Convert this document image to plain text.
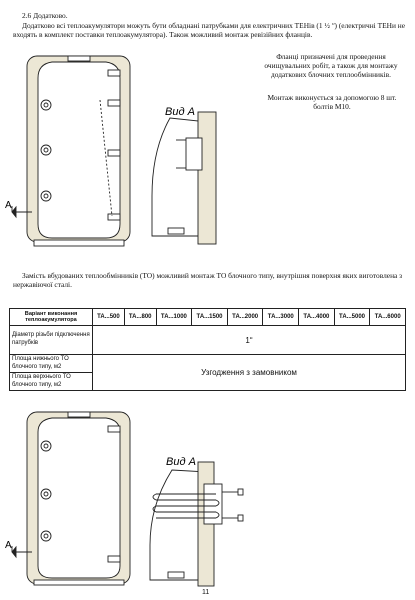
2.6 Додатково.
Додатково всі теплоакумулятори можуть бути обладнані патрубками для електричних ТЕНів (1 ½ ʺ) (електричні ТЕНи не входять в комплект поставки теплоакумулятора). Також можливий монтаж ревізійних фланців.
Фланці призначені для проведення очищувальних робіт, а також для монтажу додаткових блочних теплообмінників.
Монтаж виконується за допомогою 8 шт. болтів М10.
Вид А
А
Замість вбудованих теплообмінників (ТО) можливий монтаж ТО блочного типу, внутрішня поверхня яких виготовлена з нержавіючої сталі.
Варіант виконання теплоакумулятора	ТА...500	ТА...800	ТА...1000	ТА...1500	ТА...2000	ТА...3000	ТА...4000	ТА...5000	ТА...6000
Діаметр різьби підключення патрубків	1ʺ								
Площа нижнього ТО блочного типу, м2	Узгодження з замовником								
Площа верхнього ТО блочного типу, м2									
Вид А
А
11
